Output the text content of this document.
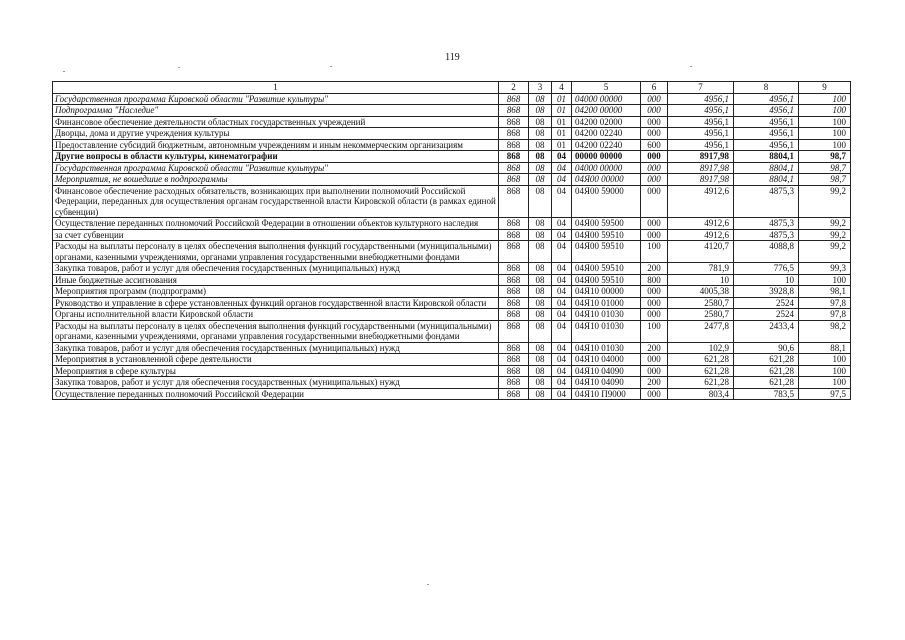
119
1	2	3	4	5	6	7	8	9
Государственная программа Кировской области "Развитие культуры"	868	08	01	04000 00000	000	4956,1	4956,1	100
Подпрограмма "Наследие"	868	08	01	04200 00000	000	4956,1	4956,1	100
Финансовое обеспечение деятельности областных государственных учреждений	868	08	01	04200 02000	000	4956,1	4956,1	100
Дворцы, дома и другие учреждения культуры	868	08	01	04200 02240	000	4956,1	4956,1	100
Предоставление субсидий бюджетным, автономным учреждениям и иным некоммерческим организациям	868	08	01	04200 02240	600	4956,1	4956,1	100
Другие вопросы в области культуры, кинематографии	868	08	04	00000 00000	000	8917,98	8804,1	98,7
Государственная программа Кировской области "Развитие культуры"	868	08	04	04000 00000	000	8917,98	8804,1	98,7
Мероприятия, не вошедшие в подпрограммы	868	08	04	04Я00 00000	000	8917,98	8804,1	98,7
Финансовое обеспечение расходных обязательств, возникающих при выполнении полномочий Российской Федерации, переданных для осуществления органам государственной власти Кировской области (в рамках единой субвенции)	868	08	04	04Я00 59000	000	4912,6	4875,3	99,2
Осуществление переданных полномочий Российской Федерации в отношении объектов культурного наследия	868	08	04	04Я00 59500	000	4912,6	4875,3	99,2
за счет субвенции	868	08	04	04Я00 59510	000	4912,6	4875,3	99,2
Расходы на выплаты персоналу в целях обеспечения выполнения функций государственными (муниципальными) органами, казенными учреждениями, органами управления государственными внебюджетными фондами	868	08	04	04Я00 59510	100	4120,7	4088,8	99,2
Закупка товаров, работ и услуг для обеспечения государственных (муниципальных) нужд	868	08	04	04Я00 59510	200	781,9	776,5	99,3
Иные бюджетные ассигнования	868	08	04	04Я00 59510	800	10	10	100
Мероприятия программ (подпрограмм)	868	08	04	04Я10 00000	000	4005,38	3928,8	98,1
Руководство и управление в сфере установленных функций органов государственной власти Кировской области	868	08	04	04Я10 01000	000	2580,7	2524	97,8
Органы исполнительной власти Кировской области	868	08	04	04Я10 01030	000	2580,7	2524	97,8
Расходы на выплаты персоналу в целях обеспечения выполнения функций государственными (муниципальными) органами, казенными учреждениями, органами управления государственными внебюджетными фондами	868	08	04	04Я10 01030	100	2477,8	2433,4	98,2
Закупка товаров, работ и услуг для обеспечения государственных (муниципальных) нужд	868	08	04	04Я10 01030	200	102,9	90,6	88,1
Мероприятия в установленной сфере деятельности	868	08	04	04Я10 04000	000	621,28	621,28	100
Мероприятия в сфере культуры	868	08	04	04Я10 04090	000	621,28	621,28	100
Закупка товаров, работ и услуг для обеспечения государственных (муниципальных) нужд	868	08	04	04Я10 04090	200	621,28	621,28	100
Осуществление переданных полномочий Российской Федерации	868	08	04	04Я10 П9000	000	803,4	783,5	97,5
